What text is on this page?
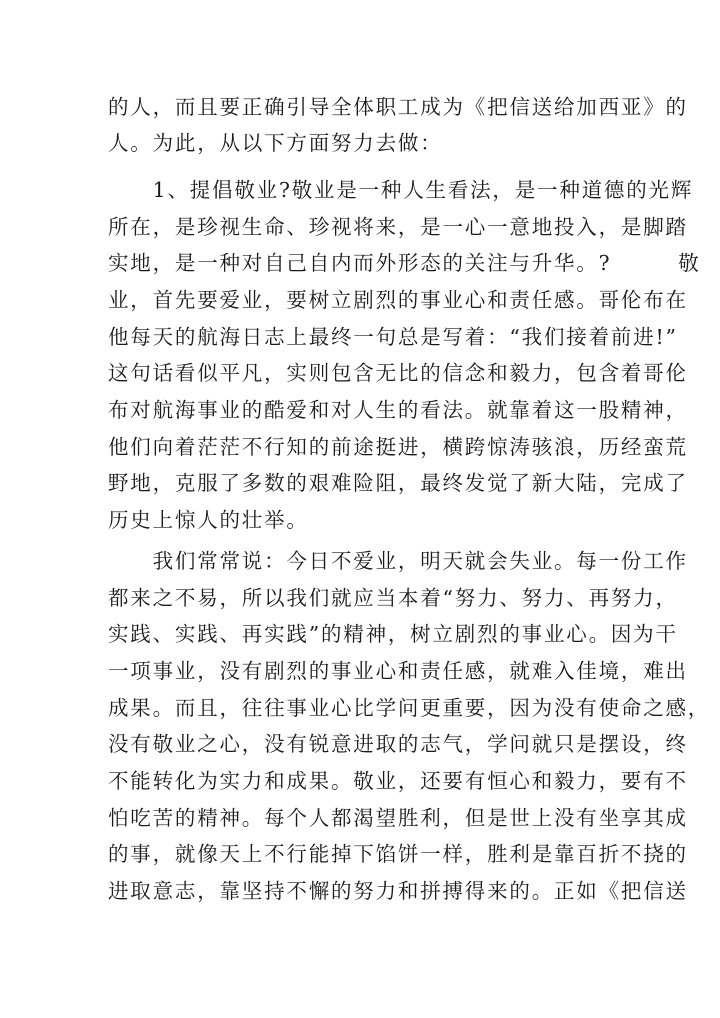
的人，而且要正确引导全体职工成为《把信送给加西亚》的
人。为此，从以下方面努力去做：
　　1、提倡敬业?敬业是一种人生看法，是一种道德的光辉
所在，是珍视生命、珍视将来，是一心一意地投入，是脚踏
实地，是一种对自己自内而外形态的关注与升华。?　　　敬
业，首先要爱业，要树立剧烈的事业心和责任感。哥伦布在
他每天的航海日志上最终一句总是写着：“我们接着前进!”
这句话看似平凡，实则包含无比的信念和毅力，包含着哥伦
布对航海事业的酷爱和对人生的看法。就靠着这一股精神，
他们向着茫茫不行知的前途挺进，横跨惊涛骇浪，历经蛮荒
野地，克服了多数的艰难险阻，最终发觉了新大陆，完成了
历史上惊人的壮举。
　　我们常常说：今日不爱业，明天就会失业。每一份工作
都来之不易，所以我们就应当本着“努力、努力、再努力，
实践、实践、再实践”的精神，树立剧烈的事业心。因为干
一项事业，没有剧烈的事业心和责任感，就难入佳境，难出
成果。而且，往往事业心比学问更重要，因为没有使命之感，
没有敬业之心，没有锐意进取的志气，学问就只是摆设，终
不能转化为实力和成果。敬业，还要有恒心和毅力，要有不
怕吃苦的精神。每个人都渴望胜利，但是世上没有坐享其成
的事，就像天上不行能掉下馅饼一样，胜利是靠百折不挠的
进取意志，靠坚持不懈的努力和拼搏得来的。正如《把信送
